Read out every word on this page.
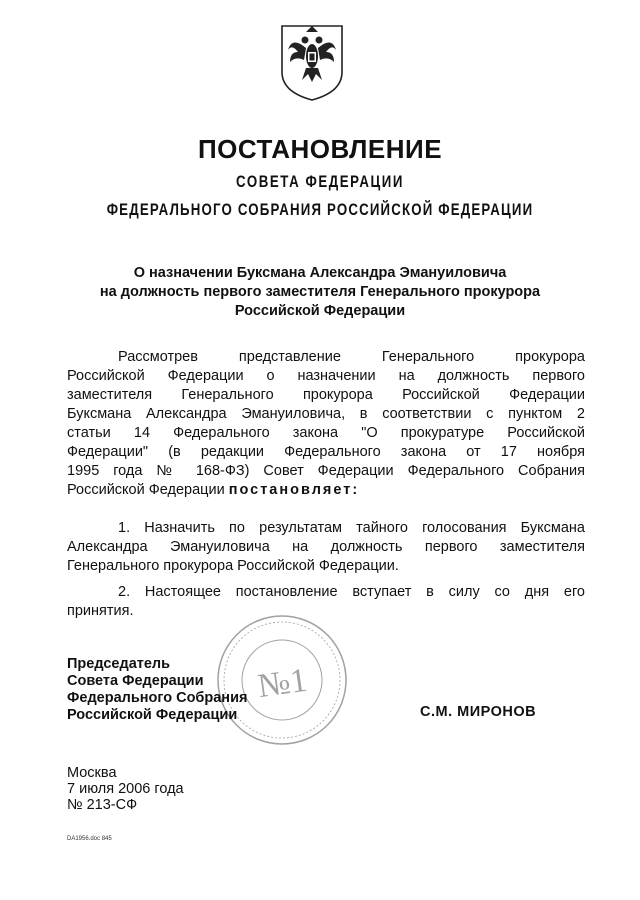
ПОСТАНОВЛЕНИЕ
СОВЕТА ФЕДЕРАЦИИ
ФЕДЕРАЛЬНОГО СОБРАНИЯ РОССИЙСКОЙ ФЕДЕРАЦИИ
О назначении Буксмана Александра Эмануиловича
на должность первого заместителя Генерального прокурора
Российской Федерации
Рассмотрев представление Генерального прокурора
Российской Федерации о назначении на должность первого
заместителя Генерального прокурора Российской Федерации
Буксмана Александра Эмануиловича, в соответствии с пунктом 2
статьи 14 Федерального закона "О прокуратуре Российской
Федерации" (в редакции Федерального закона от 17 ноября
1995 года № 168-ФЗ) Совет Федерации Федерального Собрания
Российской Федерации постановляет:
1. Назначить по результатам тайного голосования Буксмана
Александра Эмануиловича на должность первого заместителя
Генерального прокурора Российской Федерации.
2. Настоящее постановление вступает в силу со дня его
принятия.
№1
Председатель
Совета Федерации
Федерального Собрания
Российской Федерации	С.М. МИРОНОВ
Москва
7 июля 2006 года
№ 213-СФ
DA1956.doc 845
